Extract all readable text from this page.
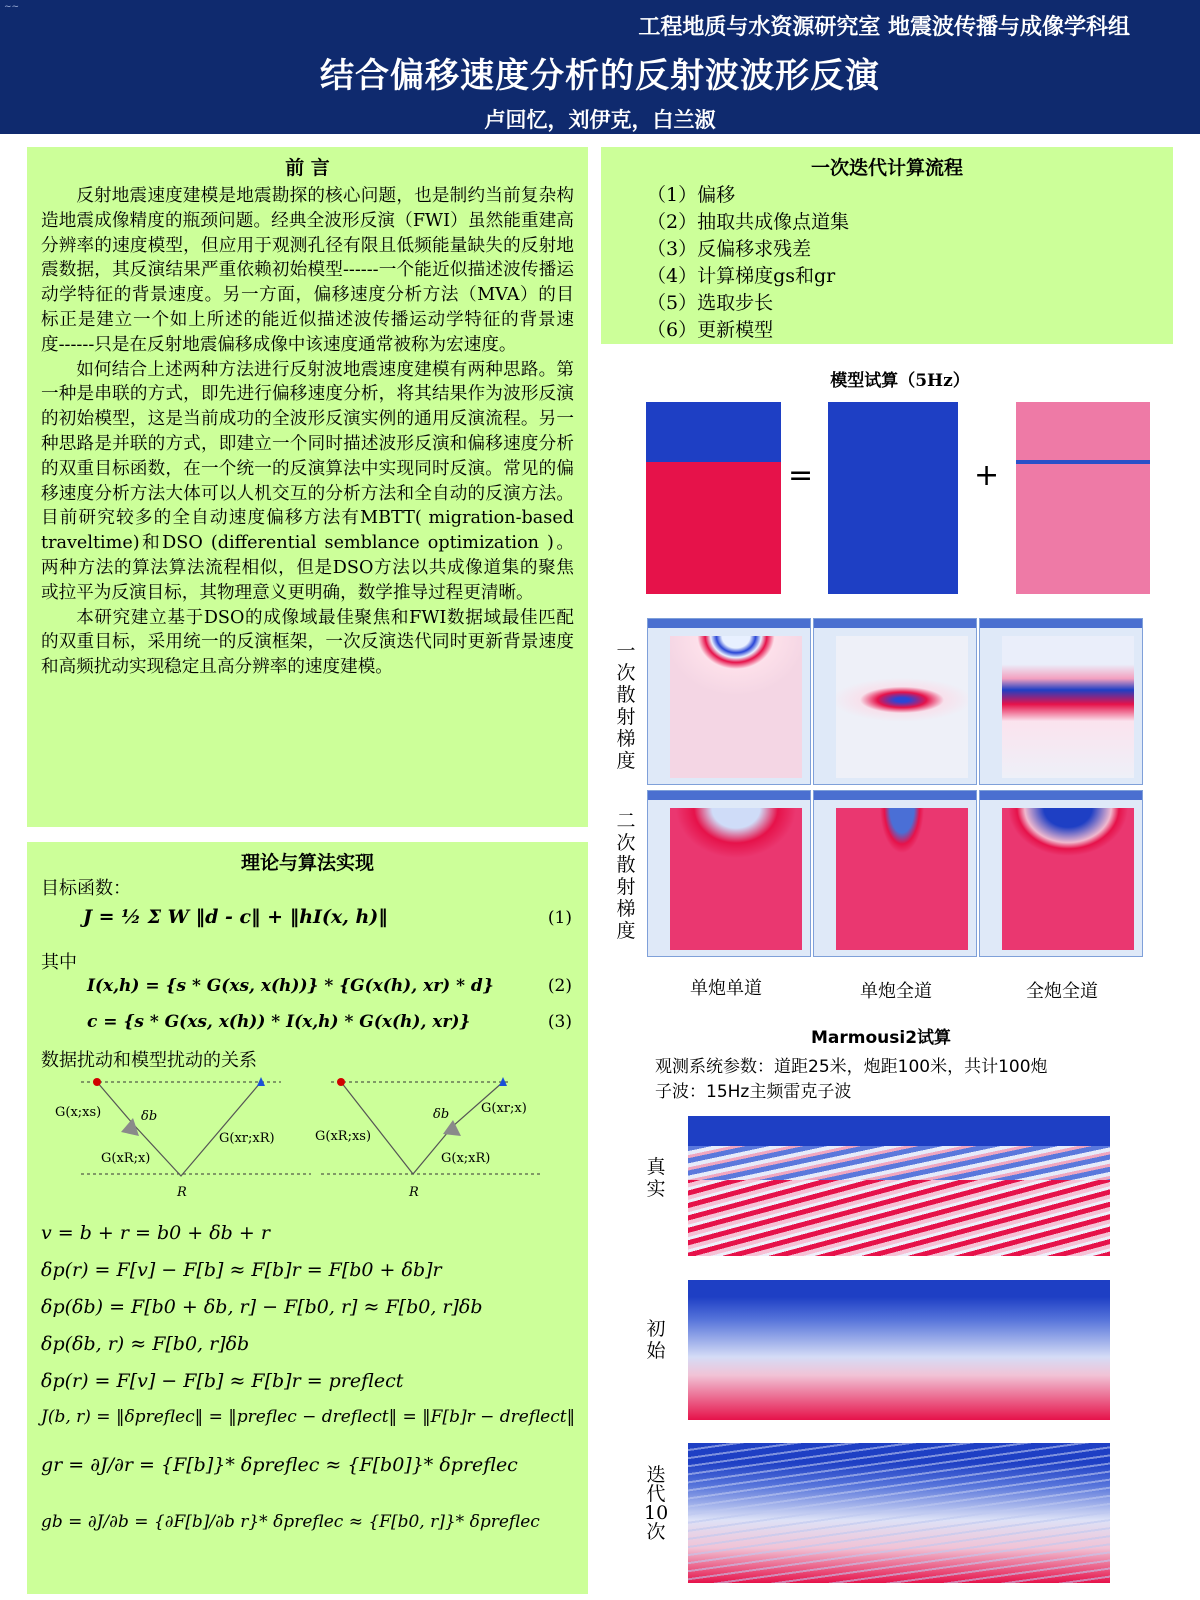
~~
工程地质与水资源研究室 地震波传播与成像学科组
结合偏移速度分析的反射波波形反演
卢回忆，刘伊克，白兰淑
前 言

反射地震速度建模是地震勘探的核心问题，也是制约当前复杂构造地震成像精度的瓶颈问题。经典全波形反演（FWI）虽然能重建高分辨率的速度模型，但应用于观测孔径有限且低频能量缺失的反射地震数据，其反演结果严重依赖初始模型------一个能近似描述波传播运动学特征的背景速度。另一方面，偏移速度分析方法（MVA）的目标正是建立一个如上所述的能近似描述波传播运动学特征的背景速度------只是在反射地震偏移成像中该速度通常被称为宏速度。

如何结合上述两种方法进行反射波地震速度建模有两种思路。第一种是串联的方式，即先进行偏移速度分析，将其结果作为波形反演的初始模型，这是当前成功的全波形反演实例的通用反演流程。另一种思路是并联的方式，即建立一个同时描述波形反演和偏移速度分析的双重目标函数，在一个统一的反演算法中实现同时反演。常见的偏移速度分析方法大体可以人机交互的分析方法和全自动的反演方法。目前研究较多的全自动速度偏移方法有MBTT( migration-based traveltime)和DSO (differential semblance optimization )。两种方法的算法算法流程相似，但是DSO方法以共成像道集的聚焦或拉平为反演目标，其物理意义更明确，数学推导过程更清晰。

本研究建立基于DSO的成像域最佳聚焦和FWI数据域最佳匹配的双重目标，采用统一的反演框架，一次反演迭代同时更新背景速度和高频扰动实现稳定且高分辨率的速度建模。

一次迭代计算流程
（1）偏移
（2）抽取共成像点道集
（3）反偏移求残差
（4）计算梯度gs和gr
（5）选取步长
（6）更新模型
理论与算法实现
目标函数：
J = ½ Σ W ‖d - c‖ + ‖hI(x, h)‖	(1)
其中
I(x,h) = {s * G(xs, x(h))} * {G(x(h), xr) * d}	(2)
c = {s * G(xs, x(h)) * I(x,h) * G(x(h), xr)}	(3)
数据扰动和模型扰动的关系
G(x;xs)	δb
G(xr;xR)
G(xR;x)
R
δb G(xr;x)
G(xR;xs)
G(x;xR)
R
v = b + r = b0 + δb + r
δp(r) = F[v] − F[b] ≈ F[b]r = F[b0 + δb]r
δp(δb) = F[b0 + δb, r] − F[b0, r] ≈ F[b0, r]δb
δp(δb, r) ≈ F[b0, r]δb
δp(r) = F[v] − F[b] ≈ F[b]r = preflect
J(b, r) = ‖δpreflec‖ = ‖preflec − dreflect‖ = ‖F[b]r − dreflect‖
gr = ∂J/∂r = {F[b]}* δpreflec ≈ {F[b0]}* δpreflec
gb = ∂J/∂b = {∂F[b]/∂b r}* δpreflec ≈ {F[b0, r]}* δpreflec
模型试算（5Hz）
=	+
一次散射梯度
二次散射梯度
单炮单道	单炮全道	全炮全道
Marmousi2试算
观测系统参数：道距25米，炮距100米，共计100炮
子波：15Hz主频雷克子波
真实
初始
迭代10次
